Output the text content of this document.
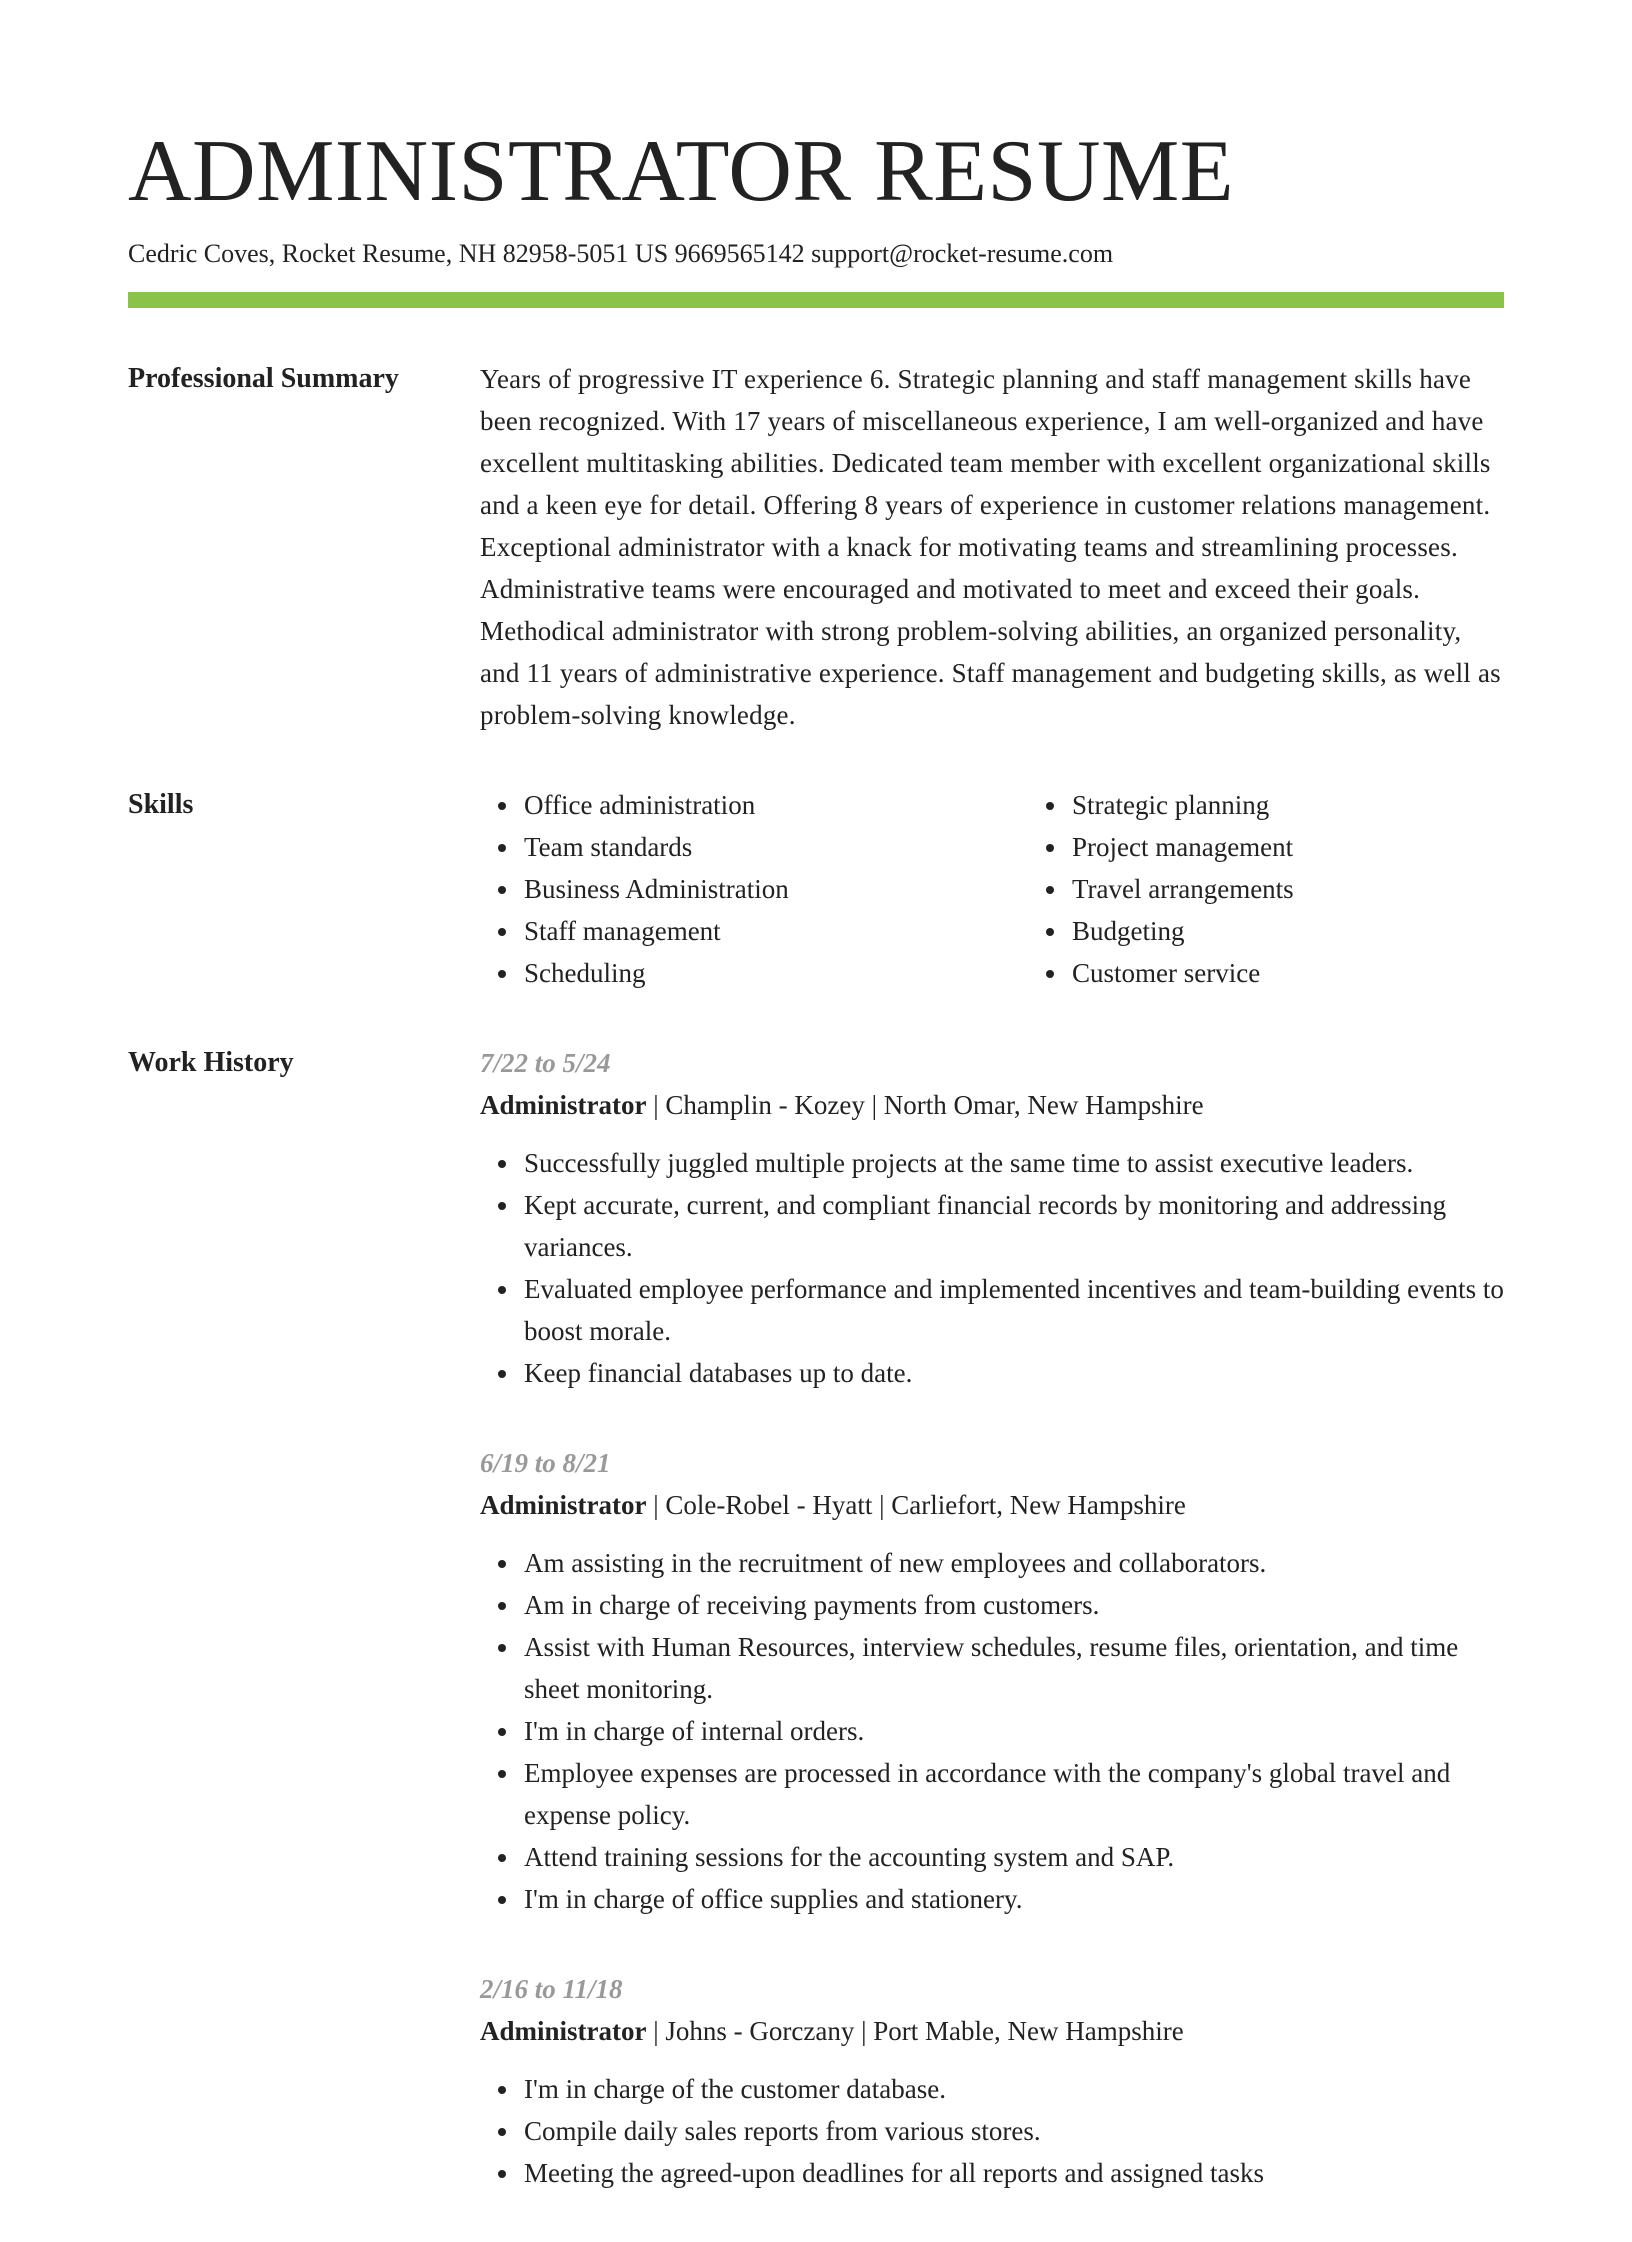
ADMINISTRATOR RESUME
Cedric Coves, Rocket Resume, NH 82958-5051 US 9669565142 support@rocket-resume.com
Professional Summary	Years of progressive IT experience 6. Strategic planning and staff management skills have been recognized. With 17 years of miscellaneous experience, I am well-organized and have excellent multitasking abilities. Dedicated team member with excellent organizational skills and a keen eye for detail. Offering 8 years of experience in customer relations management. Exceptional administrator with a knack for motivating teams and streamlining processes. Administrative teams were encouraged and motivated to meet and exceed their goals. Methodical administrator with strong problem-solving abilities, an organized personality, and 11 years of administrative experience. Staff management and budgeting skills, as well as problem-solving knowledge.

Skills	Office administration
Team standards
Business Administration
Staff management
Scheduling
Strategic planning
Project management
Travel arrangements
Budgeting
Customer service
Work History	7/22 to 5/24
Administrator | Champlin - Kozey | North Omar, New Hampshire
Successfully juggled multiple projects at the same time to assist executive leaders.
Kept accurate, current, and compliant financial records by monitoring and addressing variances.
Evaluated employee performance and implemented incentives and team-building events to boost morale.
Keep financial databases up to date.
6/19 to 8/21
Administrator | Cole-Robel - Hyatt | Carliefort, New Hampshire
Am assisting in the recruitment of new employees and collaborators.
Am in charge of receiving payments from customers.
Assist with Human Resources, interview schedules, resume files, orientation, and time sheet monitoring.
I'm in charge of internal orders.
Employee expenses are processed in accordance with the company's global travel and expense policy.
Attend training sessions for the accounting system and SAP.
I'm in charge of office supplies and stationery.
2/16 to 11/18
Administrator | Johns - Gorczany | Port Mable, New Hampshire
I'm in charge of the customer database.
Compile daily sales reports from various stores.
Meeting the agreed-upon deadlines for all reports and assigned tasks
